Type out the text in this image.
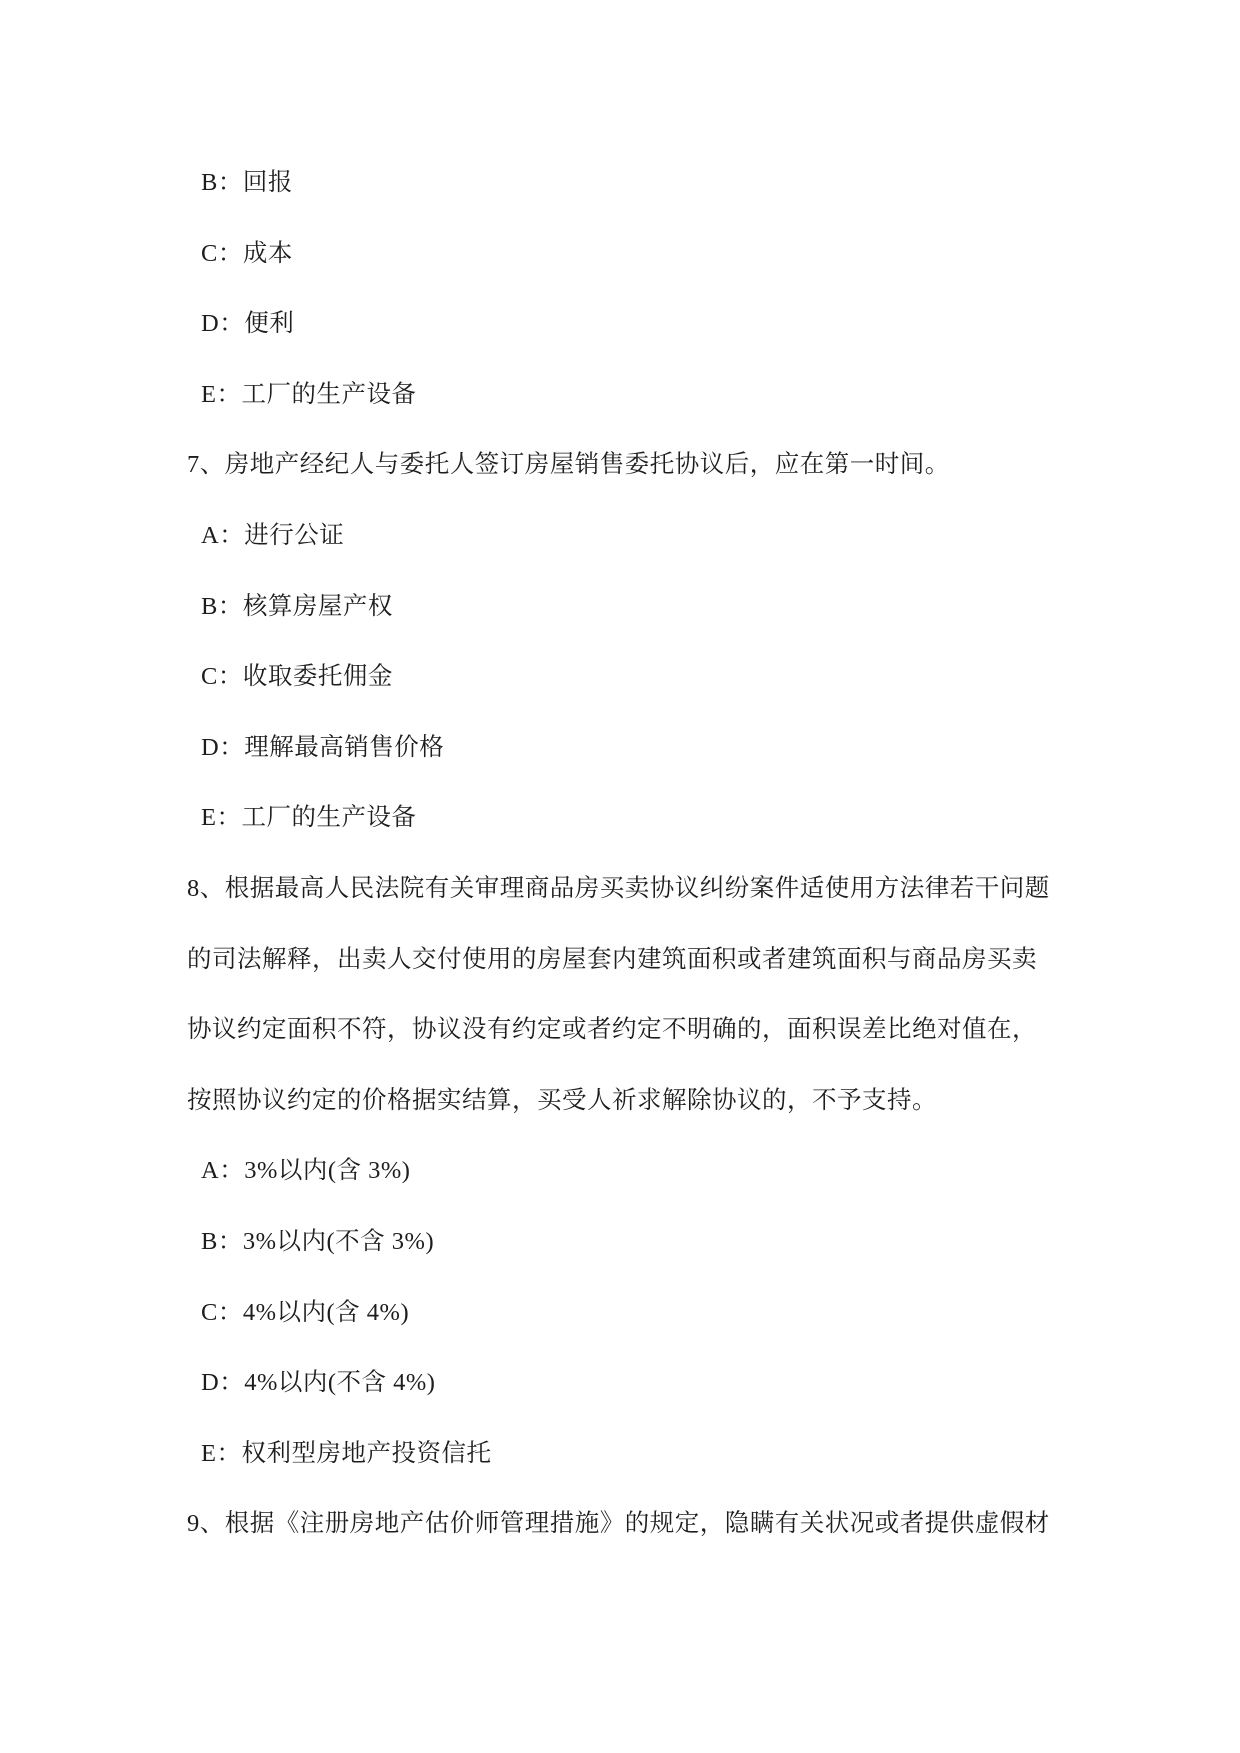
B：回报
C：成本
D：便利
E：工厂的生产设备
7、房地产经纪人与委托人签订房屋销售委托协议后，应在第一时间。
A：进行公证
B：核算房屋产权
C：收取委托佣金
D：理解最高销售价格
E：工厂的生产设备
8、根据最高人民法院有关审理商品房买卖协议纠纷案件适使用方法律若干问题
的司法解释，出卖人交付使用的房屋套内建筑面积或者建筑面积与商品房买卖
协议约定面积不符，协议没有约定或者约定不明确的，面积误差比绝对值在，
按照协议约定的价格据实结算，买受人祈求解除协议的，不予支持。
A：3%以内(含 3%)
B：3%以内(不含 3%)
C：4%以内(含 4%)
D：4%以内(不含 4%)
E：权利型房地产投资信托
9、根据《注册房地产估价师管理措施》的规定，隐瞒有关状况或者提供虚假材
